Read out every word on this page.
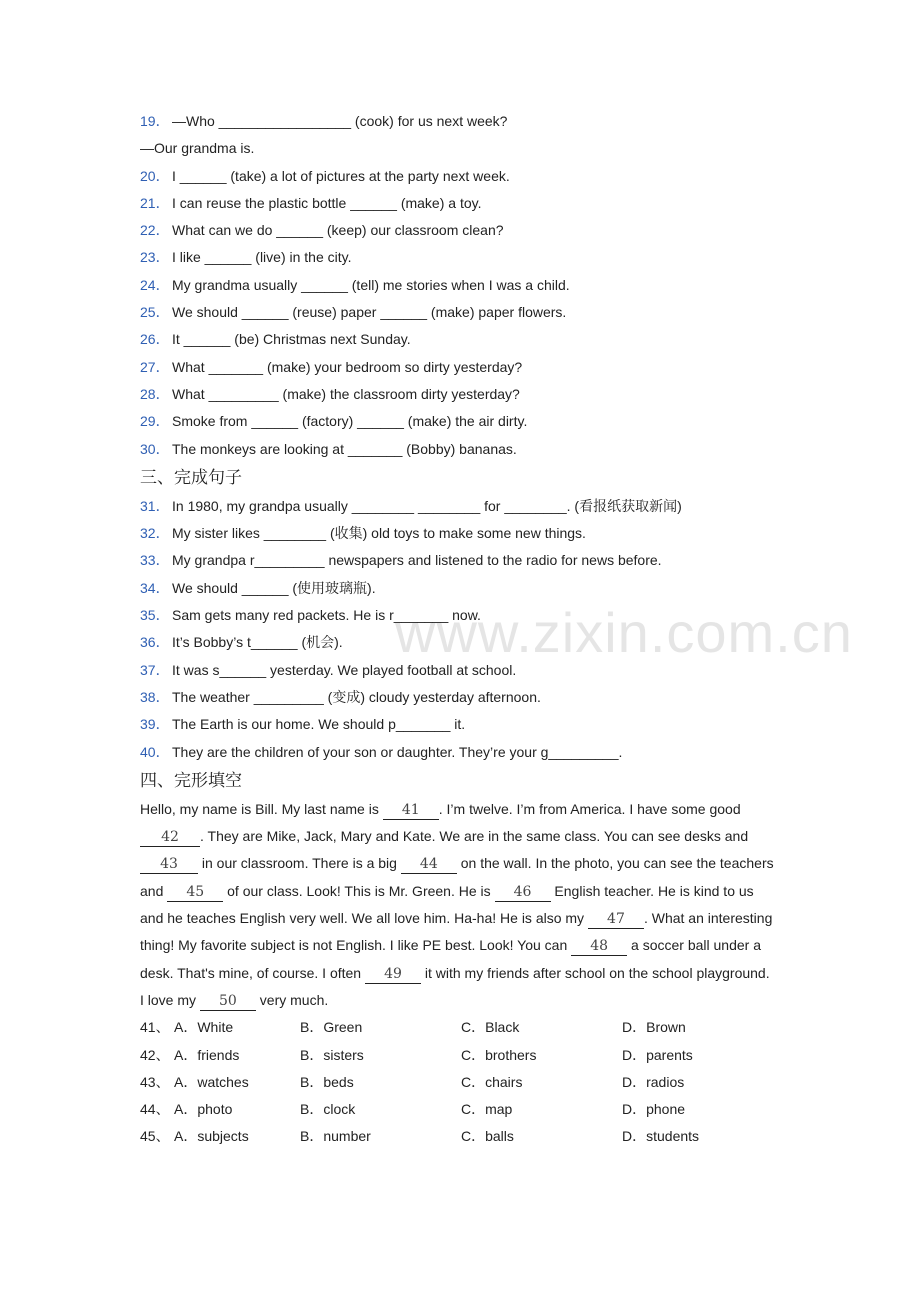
www.zixin.com.cn
19． —Who _________________ (cook) for us next week?
—Our grandma is.
20． I ______ (take) a lot of pictures at the party next week.
21． I can reuse the plastic bottle ______ (make) a toy.
22． What can we do ______ (keep) our classroom clean?
23． I like ______ (live) in the city.
24． My grandma usually ______ (tell) me stories when I was a child.
25． We should ______ (reuse) paper ______ (make) paper flowers.
26． It ______ (be) Christmas next Sunday.
27． What _______ (make) your bedroom so dirty yesterday?
28． What _________ (make) the classroom dirty yesterday?
29． Smoke from ______ (factory) ______ (make) the air dirty.
30． The monkeys are looking at _______ (Bobby) bananas.
三、完成句子
31． In 1980, my grandpa usually ________ ________ for ________. (看报纸获取新闻)
32． My sister likes ________ (收集) old toys to make some new things.
33． My grandpa r_________ newspapers and listened to the radio for news before.
34． We should ______ (使用玻璃瓶).
35． Sam gets many red packets. He is r_______ now.
36． It’s Bobby’s t______ (机会).
37． It was s______ yesterday. We played football at school.
38． The weather _________ (变成) cloudy yesterday afternoon.
39． The Earth is our home. We should p_______ it.
40． They are the children of your son or daughter. They’re your g_________.
四、完形填空
Hello, my name is Bill. My last name is 41 . I’m twelve. I’m from America. I have some good 42 . They are Mike, Jack, Mary and Kate. We are in the same class. You can see desks and 43 in our classroom. There is a big 44 on the wall. In the photo, you can see the teachers and 45 of our class. Look! This is Mr. Green. He is 46 English teacher. He is kind to us and he teaches English very well. We all love him. Ha-ha! He is also my 47 . What an interesting thing! My favorite subject is not English. I like PE best. Look! You can 48 a soccer ball under a desk. That's mine, of course. I often 49 it with my friends after school on the school playground.
I love my 50 very much.
41、 A．White	B．Green	C．Black	D．Brown
42、 A．friends	B．sisters	C．brothers	D．parents
43、 A．watches	B．beds	C．chairs	D．radios
44、 A．photo	B．clock	C．map	D．phone
45、 A．subjects	B．number	C．balls	D．students
